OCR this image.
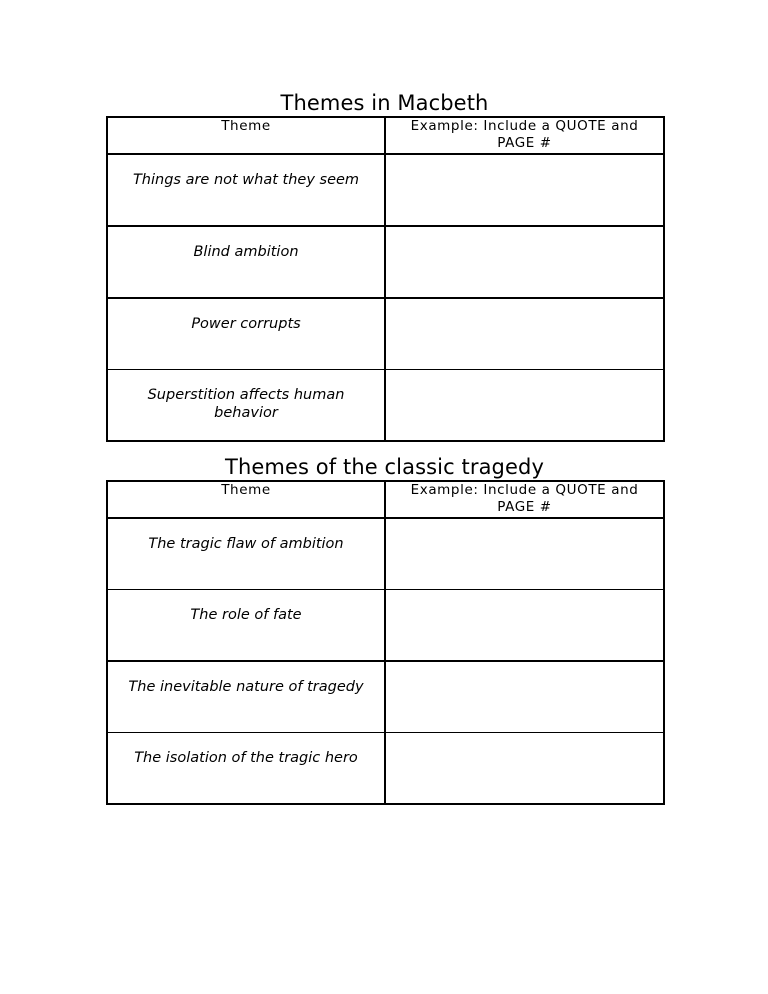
Themes in Macbeth
Theme	Example: Include a QUOTE and PAGE #

Things are not what they seem	

Blind ambition	

Power corrupts	

Superstition affects human behavior	

Themes of the classic tragedy
Theme	Example: Include a QUOTE and PAGE #

The tragic flaw of ambition	

The role of fate	

The inevitable nature of tragedy	

The isolation of the tragic hero	
